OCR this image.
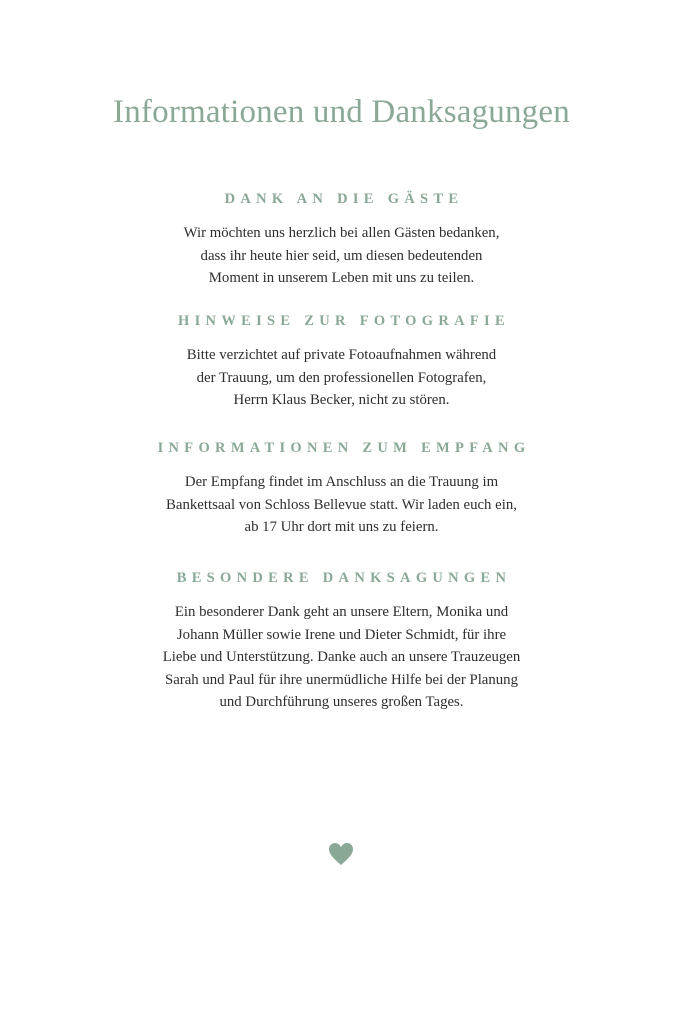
Informationen und Danksagungen
DANK AN DIE GÄSTE
Wir möchten uns herzlich bei allen Gästen bedanken,
dass ihr heute hier seid, um diesen bedeutenden
Moment in unserem Leben mit uns zu teilen.
HINWEISE ZUR FOTOGRAFIE
Bitte verzichtet auf private Fotoaufnahmen während
der Trauung, um den professionellen Fotografen,
Herrn Klaus Becker, nicht zu stören.
INFORMATIONEN ZUM EMPFANG
Der Empfang findet im Anschluss an die Trauung im
Bankettsaal von Schloss Bellevue statt. Wir laden euch ein,
ab 17 Uhr dort mit uns zu feiern.
BESONDERE DANKSAGUNGEN
Ein besonderer Dank geht an unsere Eltern, Monika und
Johann Müller sowie Irene und Dieter Schmidt, für ihre
Liebe und Unterstützung. Danke auch an unsere Trauzeugen
Sarah und Paul für ihre unermüdliche Hilfe bei der Planung
und Durchführung unseres großen Tages.
